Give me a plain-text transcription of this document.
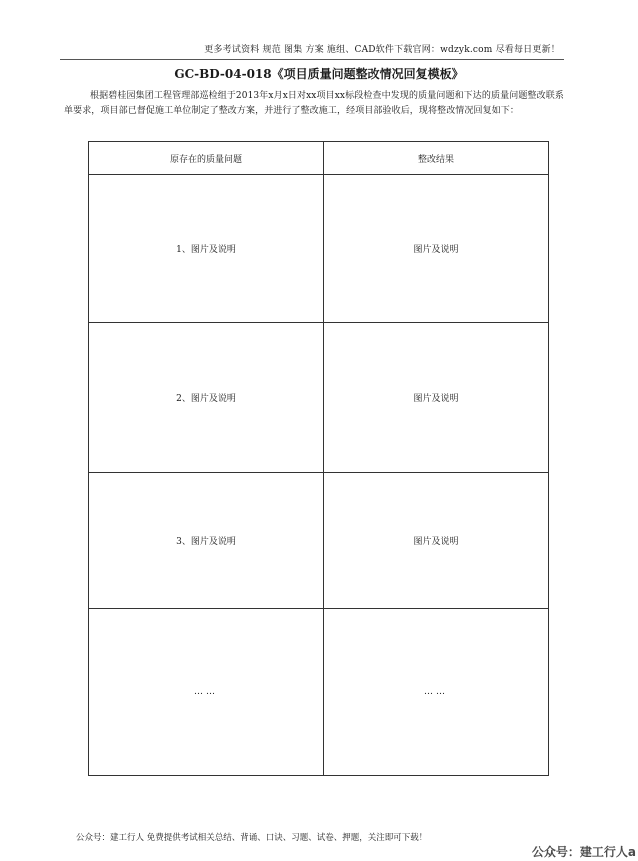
更多考试资料 规范 图集 方案 施组、CAD软件下载官网：wdzyk.com 尽看每日更新！
GC-BD-04-018《项目质量问题整改情况回复模板》
根据碧桂园集团工程管理部巡检组于2013年x月x日对xx项目xx标段检查中发现的质量问题和下达的质量问题整改联系单要求，项目部已督促施工单位制定了整改方案，并进行了整改施工，经项目部验收后，现将整改情况回复如下：
原存在的质量问题	整改结果
1、图片及说明	图片及说明
2、图片及说明	图片及说明
3、图片及说明	图片及说明
……	……
公众号：建工行人 免费提供考试相关总结、背诵、口诀、习题、试卷、押题，关注即可下载！
公众号：建工行人a
